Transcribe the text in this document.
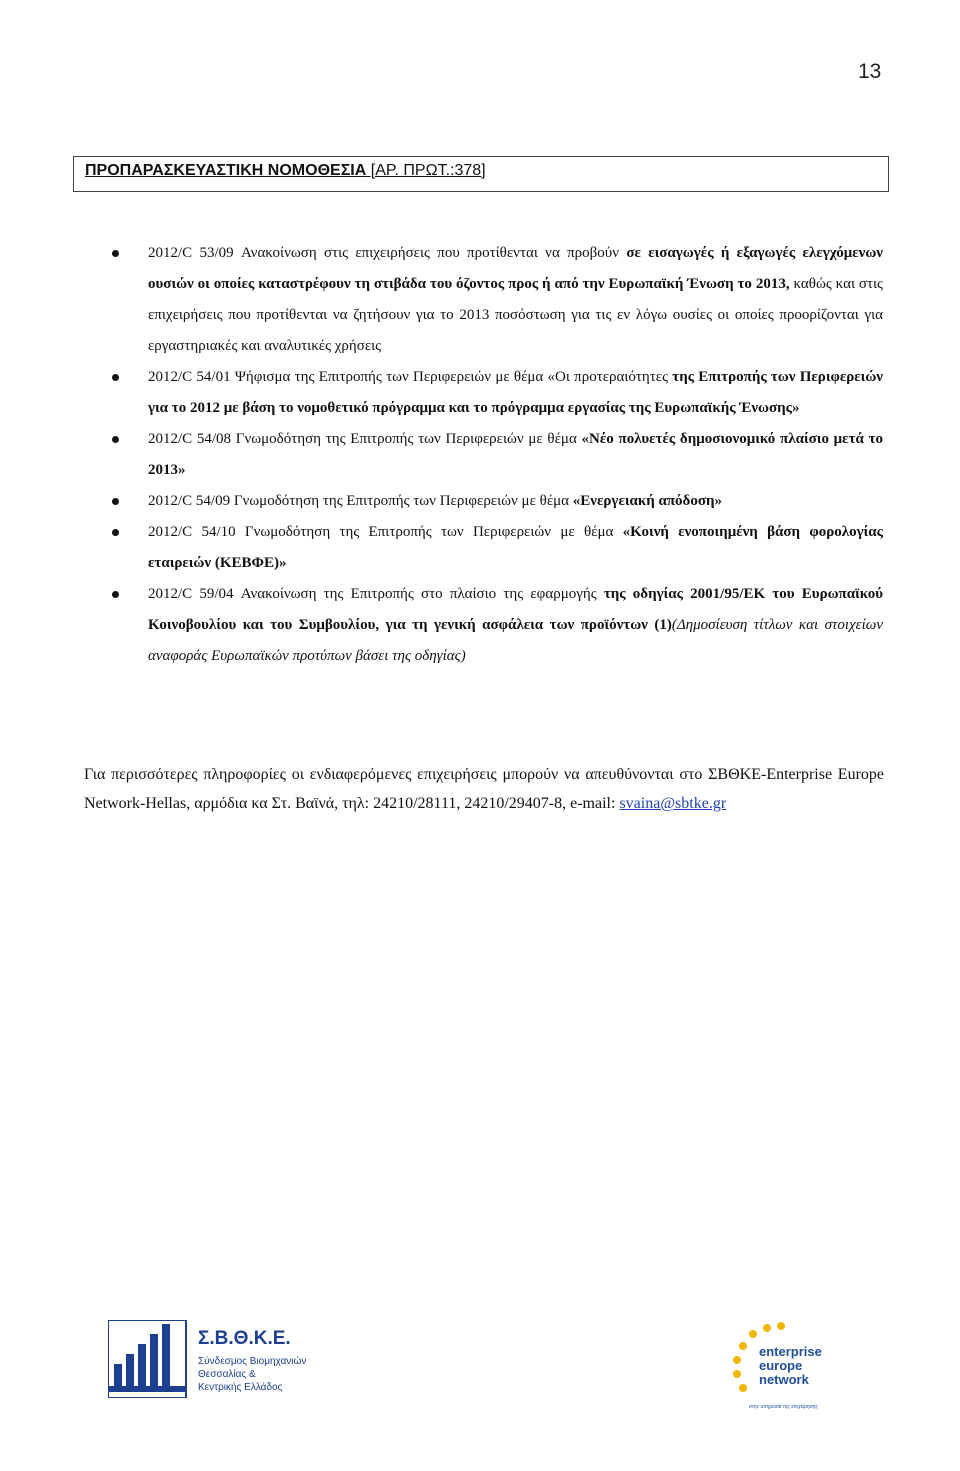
13
ΠΡΟΠΑΡΑΣΚΕΥΑΣΤΙΚΗ ΝΟΜΟΘΕΣΙΑ [ΑΡ. ΠΡΩΤ.:378]
2012/C 53/09 Ανακοίνωση στις επιχειρήσεις που προτίθενται να προβούν σε εισαγωγές ή εξαγωγές ελεγχόμενων ουσιών οι οποίες καταστρέφουν τη στιβάδα του όζοντος προς ή από την Ευρωπαϊκή Ένωση το 2013, καθώς και στις επιχειρήσεις που προτίθενται να ζητήσουν για το 2013 ποσόστωση για τις εν λόγω ουσίες οι οποίες προορίζονται για εργαστηριακές και αναλυτικές χρήσεις
2012/C 54/01 Ψήφισμα της Επιτροπής των Περιφερειών με θέμα «Οι προτεραιότητες της Επιτροπής των Περιφερειών για το 2012 με βάση το νομοθετικό πρόγραμμα και το πρόγραμμα εργασίας της Ευρωπαϊκής Ένωσης»
2012/C 54/08 Γνωμοδότηση της Επιτροπής των Περιφερειών με θέμα «Νέο πολυετές δημοσιονομικό πλαίσιο μετά το 2013»
2012/C 54/09 Γνωμοδότηση της Επιτροπής των Περιφερειών με θέμα «Ενεργειακή απόδοση»
2012/C 54/10 Γνωμοδότηση της Επιτροπής των Περιφερειών με θέμα «Κοινή ενοποιημένη βάση φορολογίας εταιρειών (ΚΕΒΦΕ)»
2012/C 59/04 Ανακοίνωση της Επιτροπής στο πλαίσιο της εφαρμογής της οδηγίας 2001/95/ΕΚ του Ευρωπαϊκού Κοινοβουλίου και του Συμβουλίου, για τη γενική ασφάλεια των προϊόντων (1)(Δημοσίευση τίτλων και στοιχείων αναφοράς Ευρωπαϊκών προτύπων βάσει της οδηγίας)
Για περισσότερες πληροφορίες οι ενδιαφερόμενες επιχειρήσεις μπορούν να απευθύνονται στο ΣΒΘΚΕ-Enterprise Europe Network-Hellas, αρμόδια κα Στ. Βαϊνά, τηλ: 24210/28111, 24210/29407-8, e-mail: svaina@sbtke.gr
Σ.Β.Θ.Κ.Ε.
Σύνδεσμος Βιομηχανιών
Θεσσαλίας &
Κεντρικής Ελλάδος
enterprise
europe
network
στην υπηρεσία της επιχείρησης
